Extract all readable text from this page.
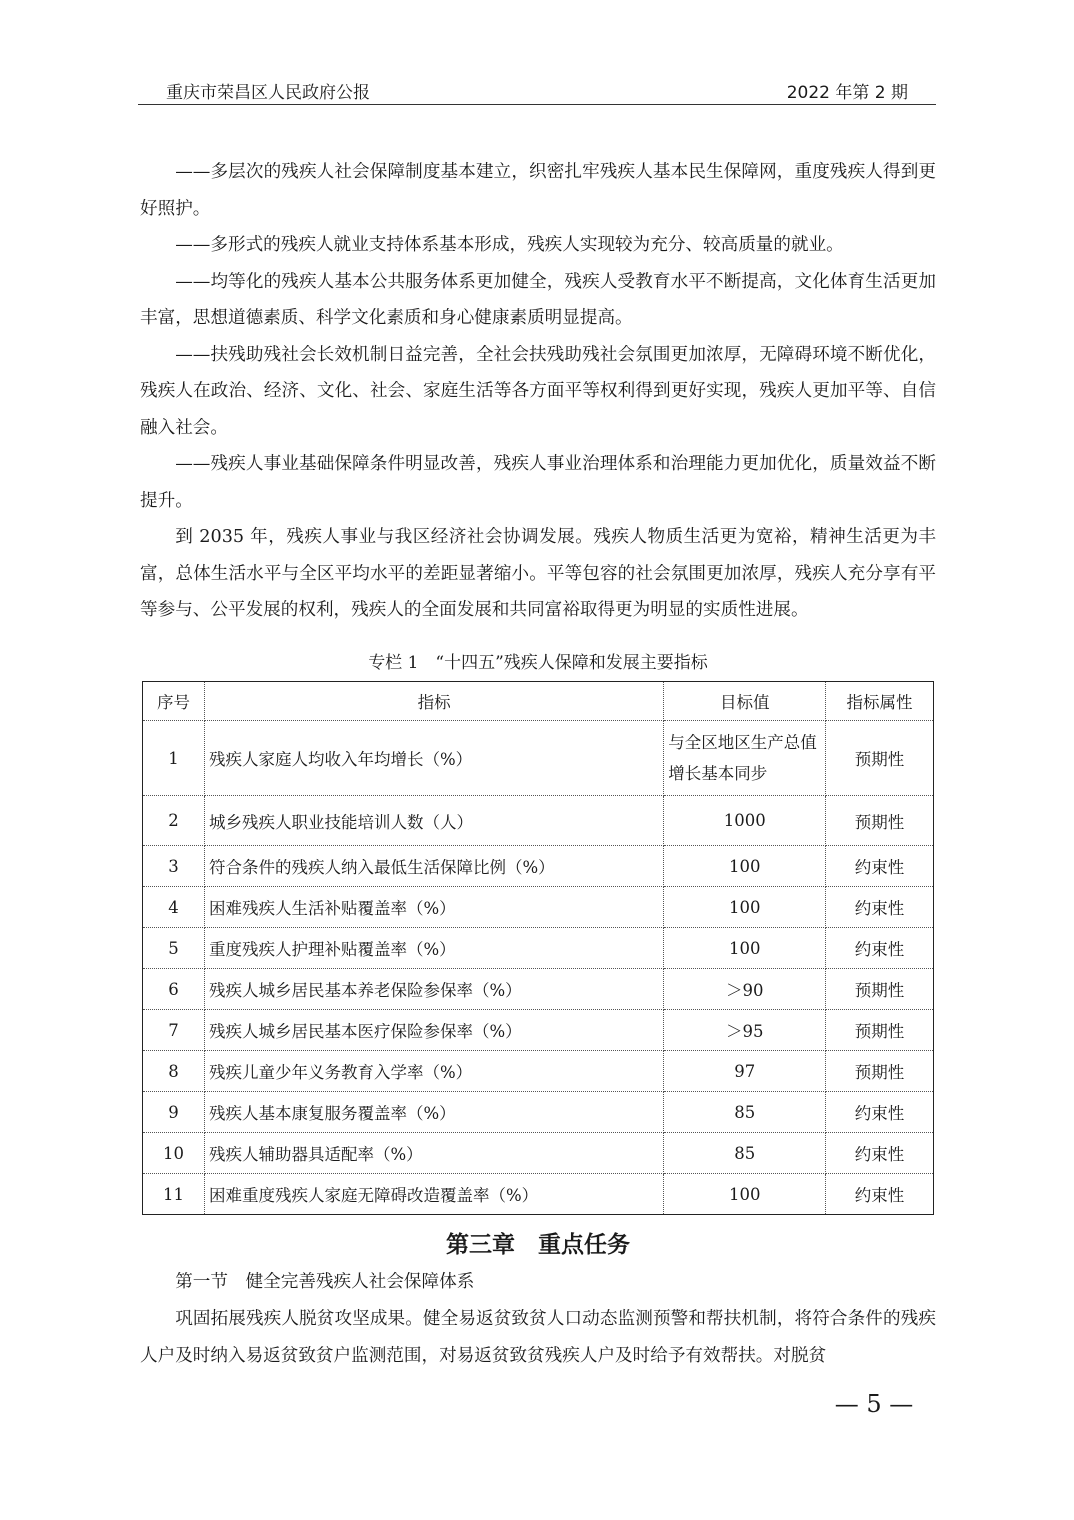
重庆市荣昌区人民政府公报	2022 年第 2 期

——多层次的残疾人社会保障制度基本建立，织密扎牢残疾人基本民生保障网，重度残疾人得到更好照护。

——多形式的残疾人就业支持体系基本形成，残疾人实现较为充分、较高质量的就业。

——均等化的残疾人基本公共服务体系更加健全，残疾人受教育水平不断提高，文化体育生活更加丰富，思想道德素质、科学文化素质和身心健康素质明显提高。

——扶残助残社会长效机制日益完善，全社会扶残助残社会氛围更加浓厚，无障碍环境不断优化，残疾人在政治、经济、文化、社会、家庭生活等各方面平等权利得到更好实现，残疾人更加平等、自信融入社会。

——残疾人事业基础保障条件明显改善，残疾人事业治理体系和治理能力更加优化，质量效益不断提升。

到 2035 年，残疾人事业与我区经济社会协调发展。残疾人物质生活更为宽裕，精神生活更为丰富，总体生活水平与全区平均水平的差距显著缩小。平等包容的社会氛围更加浓厚，残疾人充分享有平等参与、公平发展的权利，残疾人的全面发展和共同富裕取得更为明显的实质性进展。

专栏 1　“十四五”残疾人保障和发展主要指标
序号	指标	目标值	指标属性
1	残疾人家庭人均收入年均增长（%）	与全区地区生产总值增长基本同步	预期性
2	城乡残疾人职业技能培训人数（人）	1000	预期性
3	符合条件的残疾人纳入最低生活保障比例（%）	100	约束性
4	困难残疾人生活补贴覆盖率（%）	100	约束性
5	重度残疾人护理补贴覆盖率（%）	100	约束性
6	残疾人城乡居民基本养老保险参保率（%）	＞90	预期性
7	残疾人城乡居民基本医疗保险参保率（%）	＞95	预期性
8	残疾儿童少年义务教育入学率（%）	97	预期性
9	残疾人基本康复服务覆盖率（%）	85	约束性
10	残疾人辅助器具适配率（%）	85	约束性
11	困难重度残疾人家庭无障碍改造覆盖率（%）	100	约束性
第三章　重点任务

第一节　健全完善残疾人社会保障体系

巩固拓展残疾人脱贫攻坚成果。健全易返贫致贫人口动态监测预警和帮扶机制，将符合条件的残疾人户及时纳入易返贫致贫户监测范围，对易返贫致贫残疾人户及时给予有效帮扶。对脱贫

— 5 —
